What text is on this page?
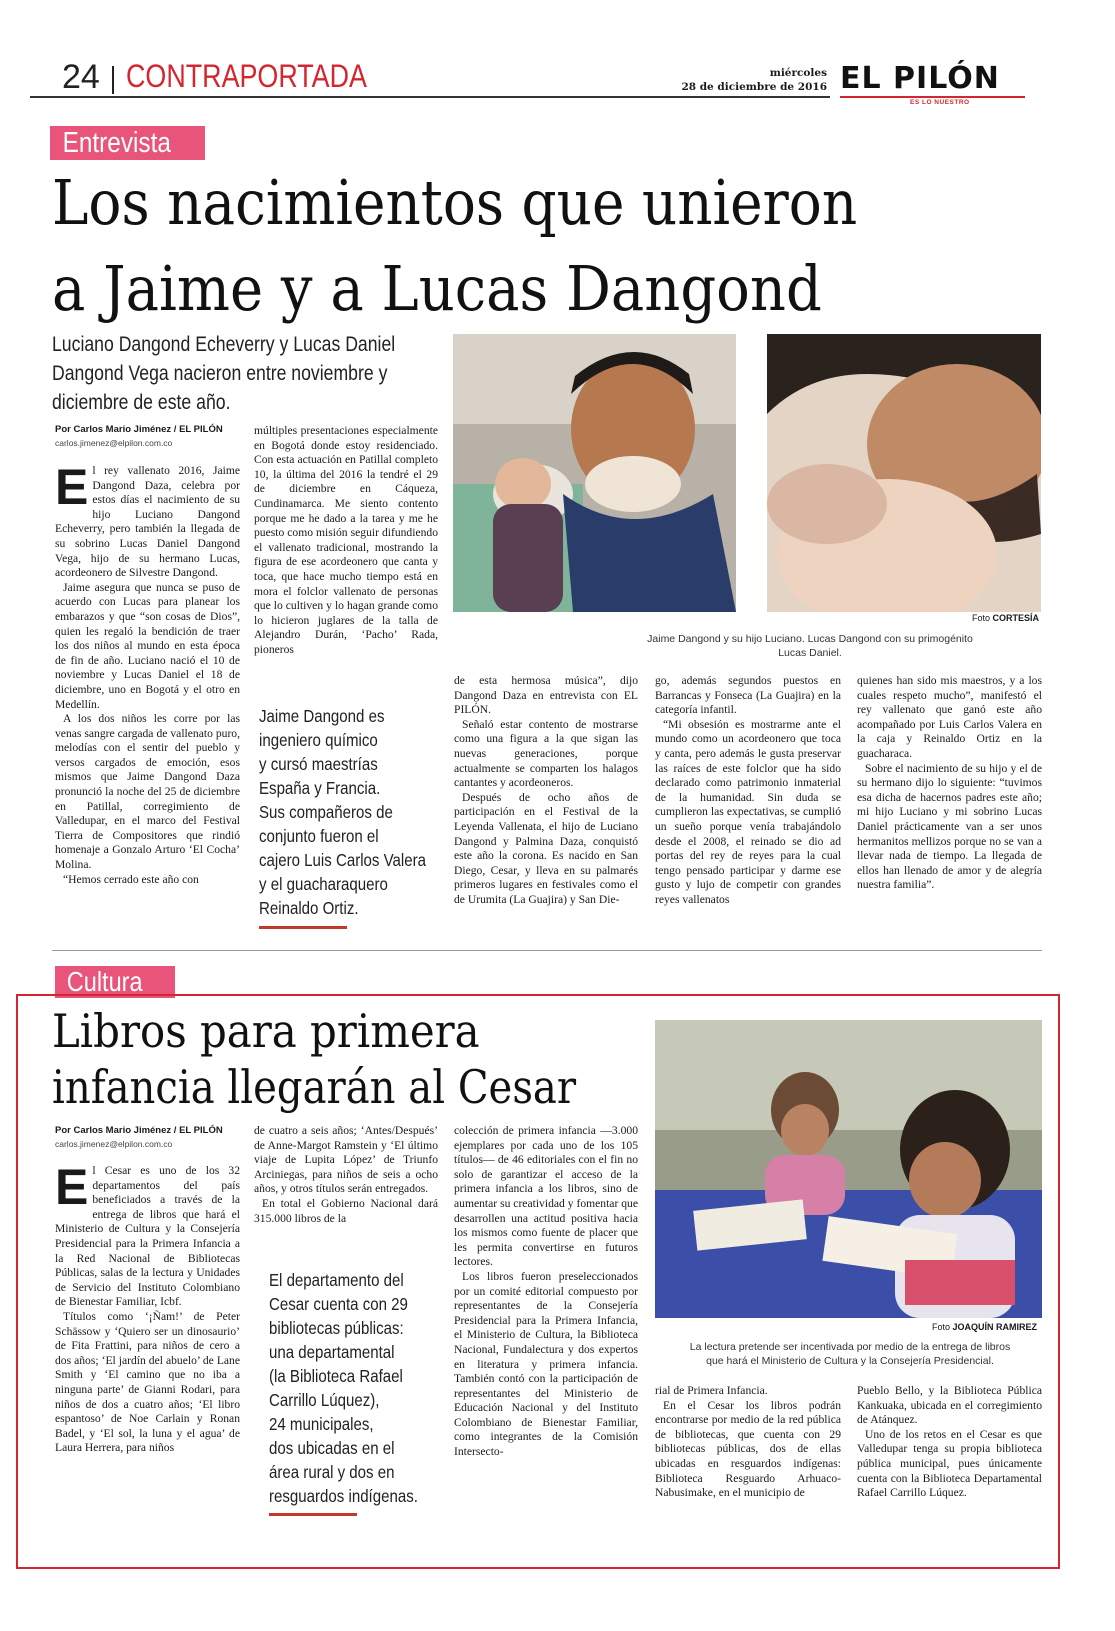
24 CONTRAPORTADA	miércoles
28 de diciembre de 2016 EL PILÓN
ES LO NUESTRO
Entrevista
Los nacimientos que unieron
a Jaime y a Lucas Dangond
Luciano Dangond Echeverry y Lucas Daniel
Dangond Vega nacieron entre noviembre y
diciembre de este año.
Por Carlos Mario Jiménez / EL PILÓN
carlos.jimenez@elpilon.com.co
E l rey vallenato 2016, Jaime Dangond Daza, celebra por estos días el nacimiento de su hijo Luciano Dangond Echeverry, pero también la llegada de su sobrino Lucas Daniel Dangond Vega, hijo de su hermano Lucas, acordeonero de Silvestre Dangond.

Jaime asegura que nunca se puso de acuerdo con Lucas para planear los embarazos y que “son cosas de Dios”, quien les regaló la bendición de traer los dos niños al mundo en esta época de fin de año. Luciano nació el 10 de noviembre y Lucas Daniel el 18 de diciembre, uno en Bogotá y el otro en Medellín.

A los dos niños les corre por las venas sangre cargada de vallenato puro, melodías con el sentir del pueblo y versos cargados de emoción, esos mismos que Jaime Dangond Daza pronunció la noche del 25 de diciembre en Patillal, corregimiento de Valledupar, en el marco del Festival Tierra de Compositores que rindió homenaje a Gonzalo Arturo ‘El Cocha’ Molina.

“Hemos cerrado este año con

múltiples presentaciones especialmente en Bogotá donde estoy residenciado. Con esta actuación en Patillal completo 10, la última del 2016 la tendré el 29 de diciembre en Cáqueza, Cundinamarca. Me siento contento porque me he dado a la tarea y me he puesto como misión seguir difundiendo el vallenato tradicional, mostrando la figura de ese acordeonero que canta y toca, que hace mucho tiempo está en mora el folclor vallenato de personas que lo cultiven y lo hagan grande como lo hicieron juglares de la talla de Alejandro Durán, ‘Pacho’ Rada, pioneros

Jaime Dangond es
ingeniero químico
y cursó maestrías
España y Francia.
Sus compañeros de
conjunto fueron el
cajero Luis Carlos Valera
y el guacharaquero
Reinaldo Ortiz.
Foto CORTESÍA
Jaime Dangond y su hijo Luciano. Lucas Dangond con su primogénito
Lucas Daniel.

de esta hermosa música”, dijo Dangond Daza en entrevista con EL PILÓN.

Señaló estar contento de mostrarse como una figura a la que sigan las nuevas generaciones, porque actualmente se comparten los halagos cantantes y acordeoneros.

Después de ocho años de participación en el Festival de la Leyenda Vallenata, el hijo de Luciano Dangond y Palmina Daza, conquistó este año la corona. Es nacido en San Diego, Cesar, y lleva en su palmarés primeros lugares en festivales como el de Urumita (La Guajira) y San Die-

go, además segundos puestos en Barrancas y Fonseca (La Guajira) en la categoría infantil.

“Mi obsesión es mostrarme ante el mundo como un acordeonero que toca y canta, pero además le gusta preservar las raíces de este folclor que ha sido declarado como patrimonio inmaterial de la humanidad. Sin duda se cumplieron las expectativas, se cumplió un sueño porque venía trabajándolo desde el 2008, el reinado se dio ad portas del rey de reyes para la cual tengo pensado participar y darme ese gusto y lujo de competir con grandes reyes vallenatos

quienes han sido mis maestros, y a los cuales respeto mucho”, manifestó el rey vallenato que ganó este año acompañado por Luis Carlos Valera en la caja y Reinaldo Ortiz en la guacharaca.

Sobre el nacimiento de su hijo y el de su hermano dijo lo siguiente: “tuvimos esa dicha de hacernos padres este año; mi hijo Luciano y mi sobrino Lucas Daniel prácticamente van a ser unos hermanitos mellizos porque no se van a llevar nada de tiempo. La llegada de ellos han llenado de amor y de alegría nuestra familia”.

Cultura
Libros para primera
infancia llegarán al Cesar
Por Carlos Mario Jiménez / EL PILÓN
carlos.jimenez@elpilon.com.co
E l Cesar es uno de los 32 departamentos del país beneficiados a través de la entrega de libros que hará el Ministerio de Cultura y la Consejería Presidencial para la Primera Infancia a la Red Nacional de Bibliotecas Públicas, salas de la lectura y Unidades de Servicio del Instituto Colombiano de Bienestar Familiar, Icbf.

Títulos como ‘¡Ñam!’ de Peter Schässow y ‘Quiero ser un dinosaurio’ de Fita Frattini, para niños de cero a dos años; ‘El jardín del abuelo’ de Lane Smith y ‘El camino que no iba a ninguna parte’ de Gianni Rodari, para niños de dos a cuatro años; ‘El libro espantoso’ de Noe Carlain y Ronan Badel, y ‘El sol, la luna y el agua’ de Laura Herrera, para niños

de cuatro a seis años; ‘Antes/Después’ de Anne-Margot Ramstein y ‘El último viaje de Lupita López’ de Triunfo Arciniegas, para niños de seis a ocho años, y otros títulos serán entregados.

En total el Gobierno Nacional dará 315.000 libros de la

El departamento del
Cesar cuenta con 29
bibliotecas públicas:
una departamental
(la Biblioteca Rafael
Carrillo Lúquez),
24 municipales,
dos ubicadas en el
área rural y dos en
resguardos indígenas.

colección de primera infancia —3.000 ejemplares por cada uno de los 105 títulos— de 46 editoriales con el fin no solo de garantizar el acceso de la primera infancia a los libros, sino de aumentar su creatividad y fomentar que desarrollen una actitud positiva hacia los mismos como fuente de placer que les permita convertirse en futuros lectores.

Los libros fueron preseleccionados por un comité editorial compuesto por representantes de la Consejería Presidencial para la Primera Infancia, el Ministerio de Cultura, la Biblioteca Nacional, Fundalectura y dos expertos en literatura y primera infancia. También contó con la participación de representantes del Ministerio de Educación Nacional y del Instituto Colombiano de Bienestar Familiar, como integrantes de la Comisión Intersecto-

Foto JOAQUÍN RAMIREZ
La lectura pretende ser incentivada por medio de la entrega de libros
que hará el Ministerio de Cultura y la Consejería Presidencial.

rial de Primera Infancia.

En el Cesar los libros podrán encontrarse por medio de la red pública de bibliotecas, que cuenta con 29 bibliotecas públicas, dos de ellas ubicadas en resguardos indígenas: Biblioteca Resguardo Arhuaco-Nabusimake, en el municipio de

Pueblo Bello, y la Biblioteca Pública Kankuaka, ubicada en el corregimiento de Atánquez.

Uno de los retos en el Cesar es que Valledupar tenga su propia biblioteca pública municipal, pues únicamente cuenta con la Biblioteca Departamental Rafael Carrillo Lúquez.
